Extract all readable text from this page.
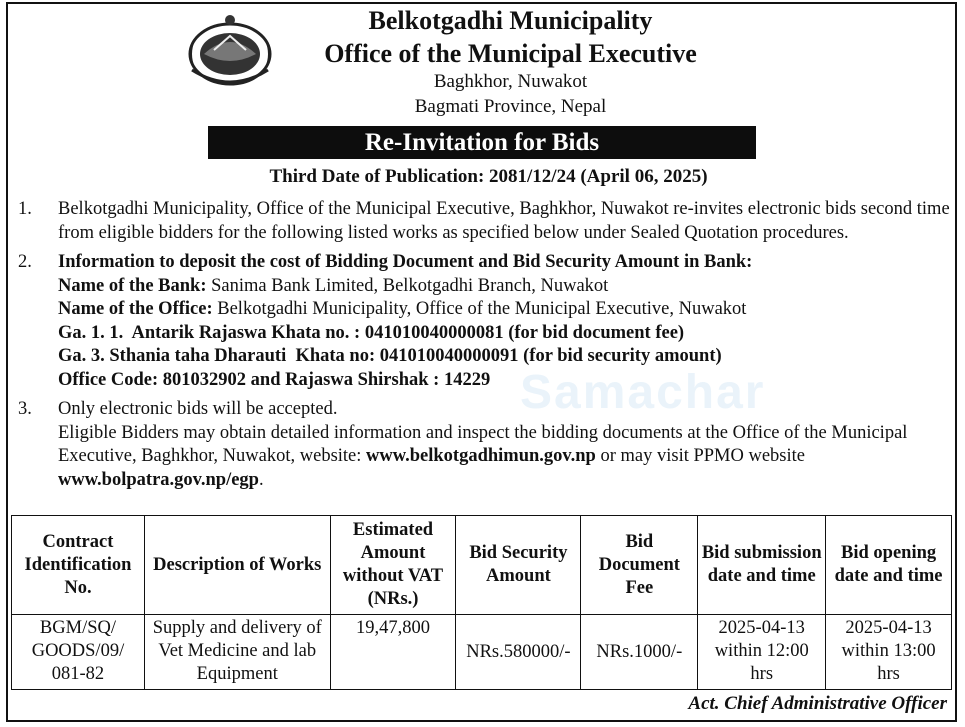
Belkotgadhi Municipality
Office of the Municipal Executive
Baghkhor, Nuwakot
Bagmati Province, Nepal
Re-Invitation for Bids
Third Date of Publication: 2081/12/24 (April 06, 2025)
Samachar
1. Belkotgadhi Municipality, Office of the Municipal Executive, Baghkhor, Nuwakot re-invites electronic bids second time from eligible bidders for the following listed works as specified below under Sealed Quotation procedures.
2. Information to deposit the cost of Bidding Document and Bid Security Amount in Bank:
Name of the Bank: Sanima Bank Limited, Belkotgadhi Branch, Nuwakot
Name of the Office: Belkotgadhi Municipality, Office of the Municipal Executive, Nuwakot
Ga. 1. 1.  Antarik Rajaswa Khata no. : 041010040000081 (for bid document fee)
Ga. 3. Sthania taha Dharauti  Khata no: 041010040000091 (for bid security amount)
Office Code: 801032902 and Rajaswa Shirshak : 14229
3. Only electronic bids will be accepted.
Eligible Bidders may obtain detailed information and inspect the bidding documents at the Office of the Municipal Executive, Baghkhor, Nuwakot, website: www.belkotgadhimun.gov.np or may visit PPMO website www.bolpatra.gov.np/egp.
Contract Identification No.	Description of Works	Estimated Amount without VAT (NRs.)	Bid Security Amount	Bid Document Fee	Bid submission date and time	Bid opening date and time
BGM/SQ/ GOODS/09/ 081-82	Supply and delivery of Vet Medicine and lab Equipment	19,47,800	NRs.580000/-	NRs.1000/-	2025-04-13 within 12:00 hrs	2025-04-13 within 13:00 hrs
Act. Chief Administrative Officer
